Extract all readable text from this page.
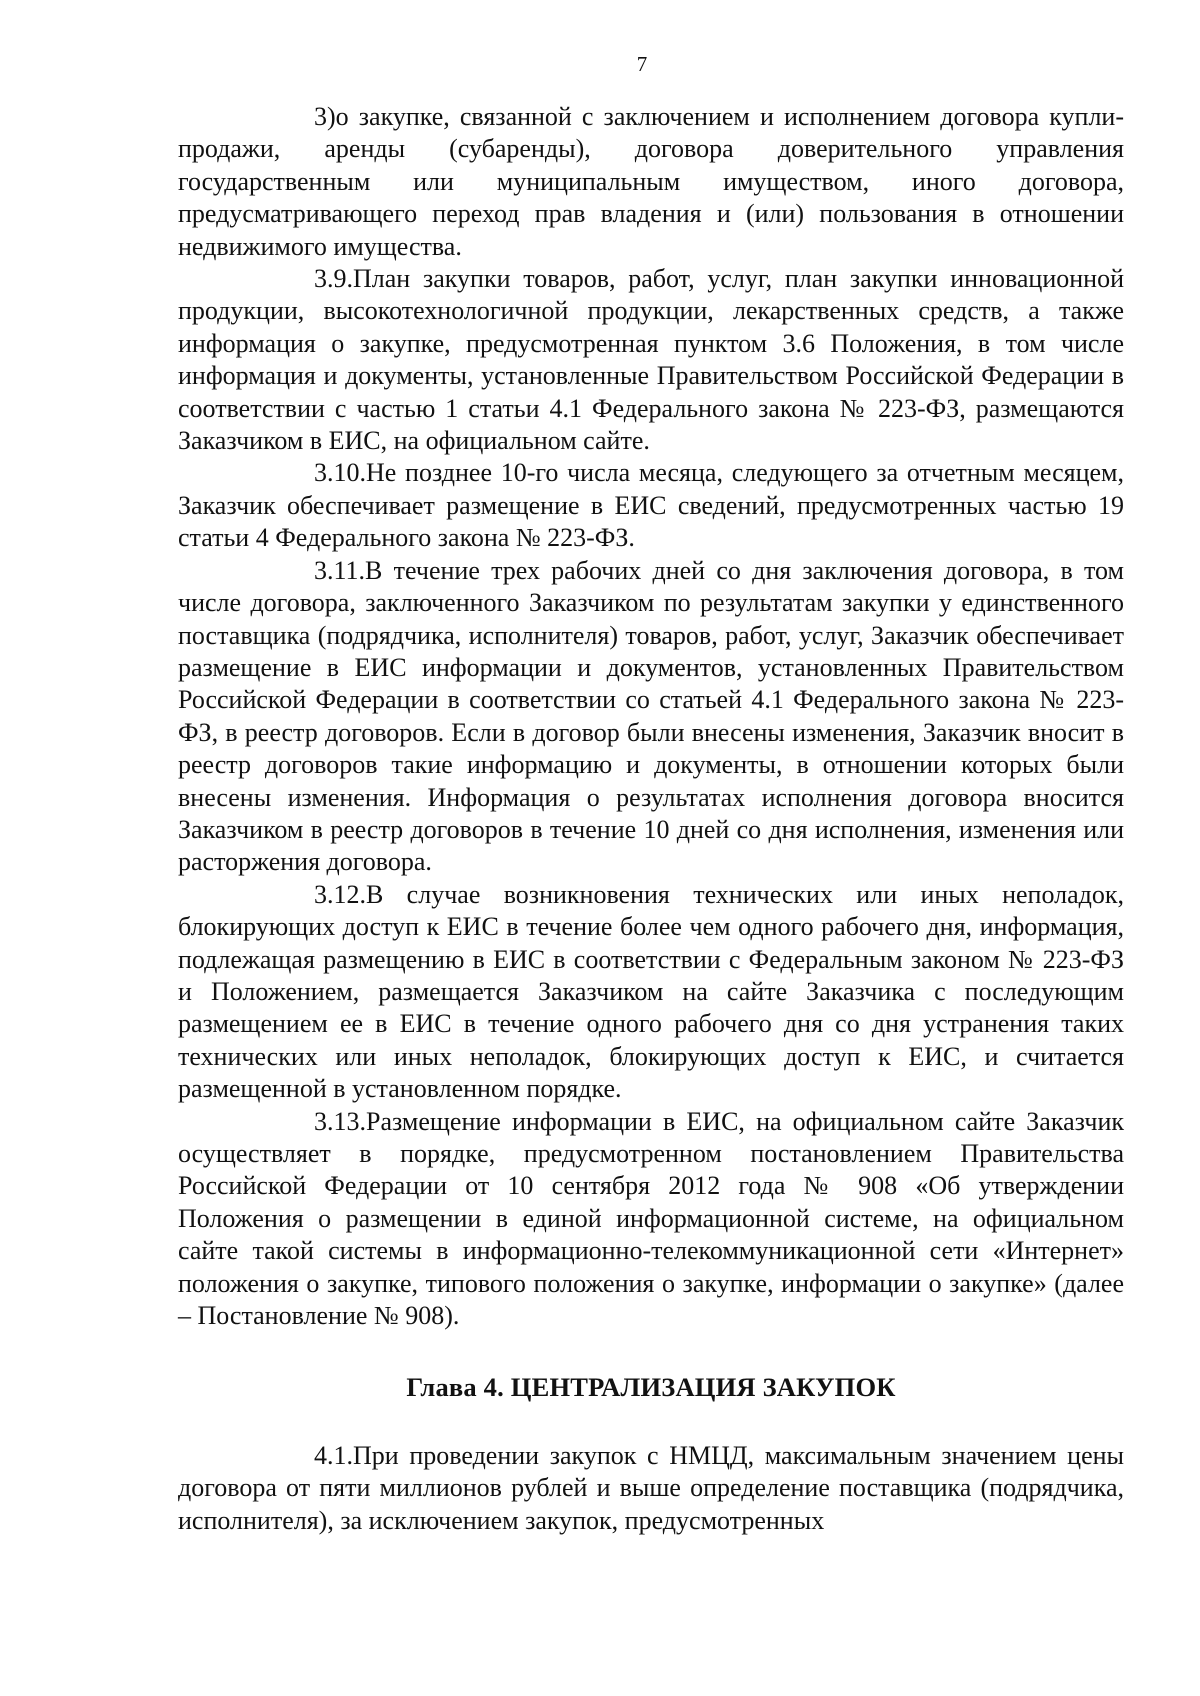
7

3)о закупке, связанной с заключением и исполнением договора купли-продажи, аренды (субаренды), договора доверительного управления государственным или муниципальным имуществом, иного договора, предусматривающего переход прав владения и (или) пользования в отношении недвижимого имущества.

3.9.План закупки товаров, работ, услуг, план закупки инновационной продукции, высокотехнологичной продукции, лекарственных средств, а также информация о закупке, предусмотренная пунктом 3.6 Положения, в том числе информация и документы, установленные Правительством Российской Федерации в соответствии с частью 1 статьи 4.1 Федерального закона № 223-ФЗ, размещаются Заказчиком в ЕИС, на официальном сайте.

3.10.Не позднее 10-го числа месяца, следующего за отчетным месяцем, Заказчик обеспечивает размещение в ЕИС сведений, предусмотренных частью 19 статьи 4 Федерального закона № 223-ФЗ.

3.11.В течение трех рабочих дней со дня заключения договора, в том числе договора, заключенного Заказчиком по результатам закупки у единственного поставщика (подрядчика, исполнителя) товаров, работ, услуг, Заказчик обеспечивает размещение в ЕИС информации и документов, установленных Правительством Российской Федерации в соответствии со статьей 4.1 Федерального закона № 223-ФЗ, в реестр договоров. Если в договор были внесены изменения, Заказчик вносит в реестр договоров такие информацию и документы, в отношении которых были внесены изменения. Информация о результатах исполнения договора вносится Заказчиком в реестр договоров в течение 10 дней со дня исполнения, изменения или расторжения договора.

3.12.В случае возникновения технических или иных неполадок, блокирующих доступ к ЕИС в течение более чем одного рабочего дня, информация, подлежащая размещению в ЕИС в соответствии с Федеральным законом № 223-ФЗ и Положением, размещается Заказчиком на сайте Заказчика с последующим размещением ее в ЕИС в течение одного рабочего дня со дня устранения таких технических или иных неполадок, блокирующих доступ к ЕИС, и считается размещенной в установленном порядке.

3.13.Размещение информации в ЕИС, на официальном сайте Заказчик осуществляет в порядке, предусмотренном постановлением Правительства Российской Федерации от 10 сентября 2012 года № 908 «Об утверждении Положения о размещении в единой информационной системе, на официальном сайте такой системы в информационно-телекоммуникационной сети «Интернет» положения о закупке, типового положения о закупке, информации о закупке» (далее – Постановление № 908).

Глава 4. ЦЕНТРАЛИЗАЦИЯ ЗАКУПОК

4.1.При проведении закупок с НМЦД, максимальным значением цены договора от пяти миллионов рублей и выше определение поставщика (подрядчика, исполнителя), за исключением закупок, предусмотренных
